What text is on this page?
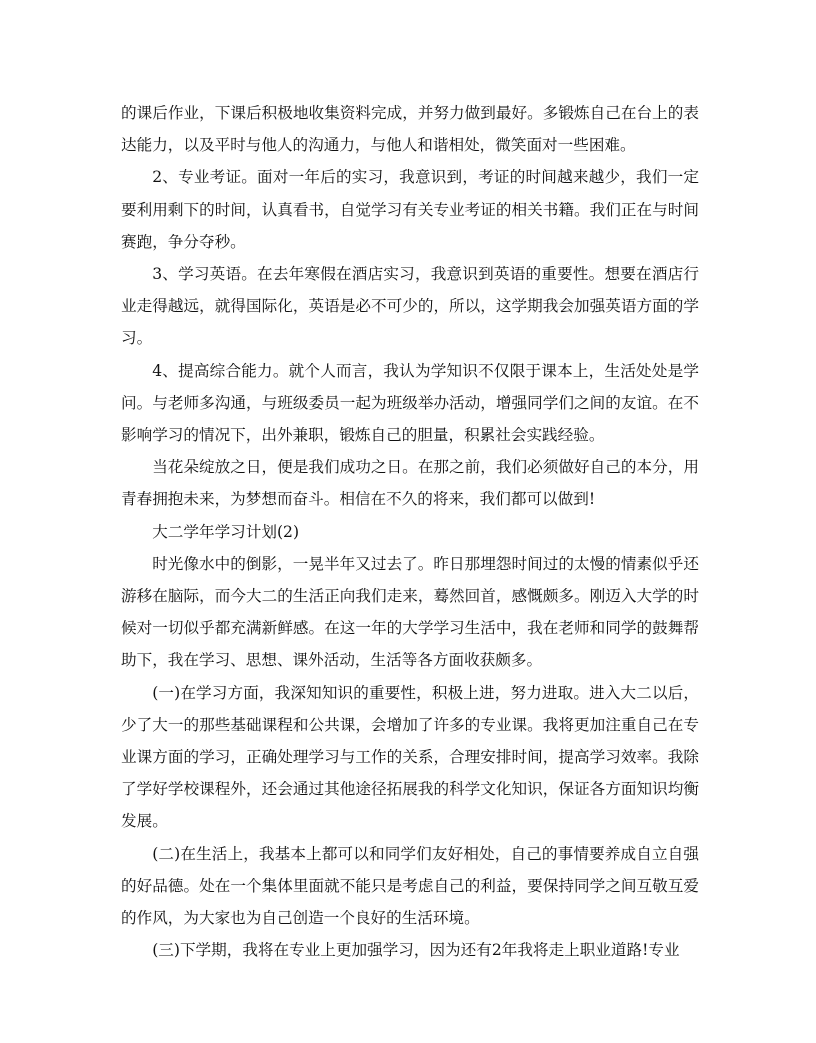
的课后作业，下课后积极地收集资料完成，并努力做到最好。多锻炼自己在台上的表达能力，以及平时与他人的沟通力，与他人和谐相处，微笑面对一些困难。

2、专业考证。面对一年后的实习，我意识到，考证的时间越来越少，我们一定要利用剩下的时间，认真看书，自觉学习有关专业考证的相关书籍。我们正在与时间赛跑，争分夺秒。

3、学习英语。在去年寒假在酒店实习，我意识到英语的重要性。想要在酒店行业走得越远，就得国际化，英语是必不可少的，所以，这学期我会加强英语方面的学习。

4、提高综合能力。就个人而言，我认为学知识不仅限于课本上，生活处处是学问。与老师多沟通，与班级委员一起为班级举办活动，增强同学们之间的友谊。在不影响学习的情况下，出外兼职，锻炼自己的胆量，积累社会实践经验。

当花朵绽放之日，便是我们成功之日。在那之前，我们必须做好自己的本分，用青春拥抱未来，为梦想而奋斗。相信在不久的将来，我们都可以做到!

大二学年学习计划(2)

时光像水中的倒影，一晃半年又过去了。昨日那埋怨时间过的太慢的情素似乎还游移在脑际，而今大二的生活正向我们走来，蓦然回首，感慨颇多。刚迈入大学的时候对一切似乎都充满新鲜感。在这一年的大学学习生活中，我在老师和同学的鼓舞帮助下，我在学习、思想、课外活动，生活等各方面收获颇多。

(一)在学习方面，我深知知识的重要性，积极上进，努力进取。进入大二以后，少了大一的那些基础课程和公共课，会增加了许多的专业课。我将更加注重自己在专业课方面的学习，正确处理学习与工作的关系，合理安排时间，提高学习效率。我除了学好学校课程外，还会通过其他途径拓展我的科学文化知识，保证各方面知识均衡发展。

(二)在生活上，我基本上都可以和同学们友好相处，自己的事情要养成自立自强的好品德。处在一个集体里面就不能只是考虑自己的利益，要保持同学之间互敬互爱的作风，为大家也为自己创造一个良好的生活环境。

(三)下学期，我将在专业上更加强学习，因为还有2年我将走上职业道路!专业
